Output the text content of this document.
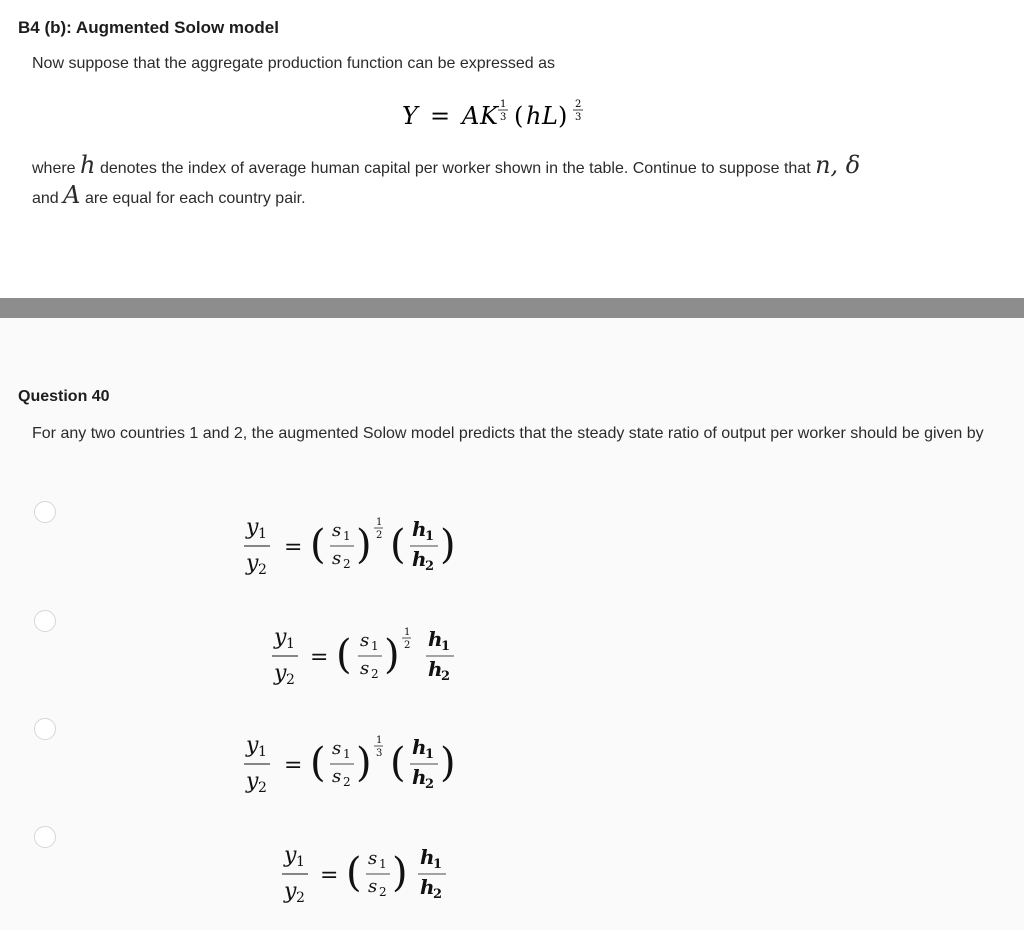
B4 (b): Augmented Solow model
Now suppose that the aggregate production function can be expressed as
Y = A K 1
3 ( h L ) 2
3
where h denotes the index of average human capital per worker shown in the table. Continue to suppose that n, δ
and A are equal for each country pair.
Question 40
For any two countries 1 and 2, the augmented Solow model predicts that the steady state ratio of output per worker should be given by
y 1
y 2
= ( s 1
s 2 ) 1
2 ( h
1
h
2 )
y 1
y 2
= ( s 1
s 2 ) 1
2 h
1
h
2
y 1
y 2
= ( s 1
s 2 ) 1
3 ( h
1
h
2 )
y 1
y 2
= ( s 1
s 2 ) h
1
h
2
